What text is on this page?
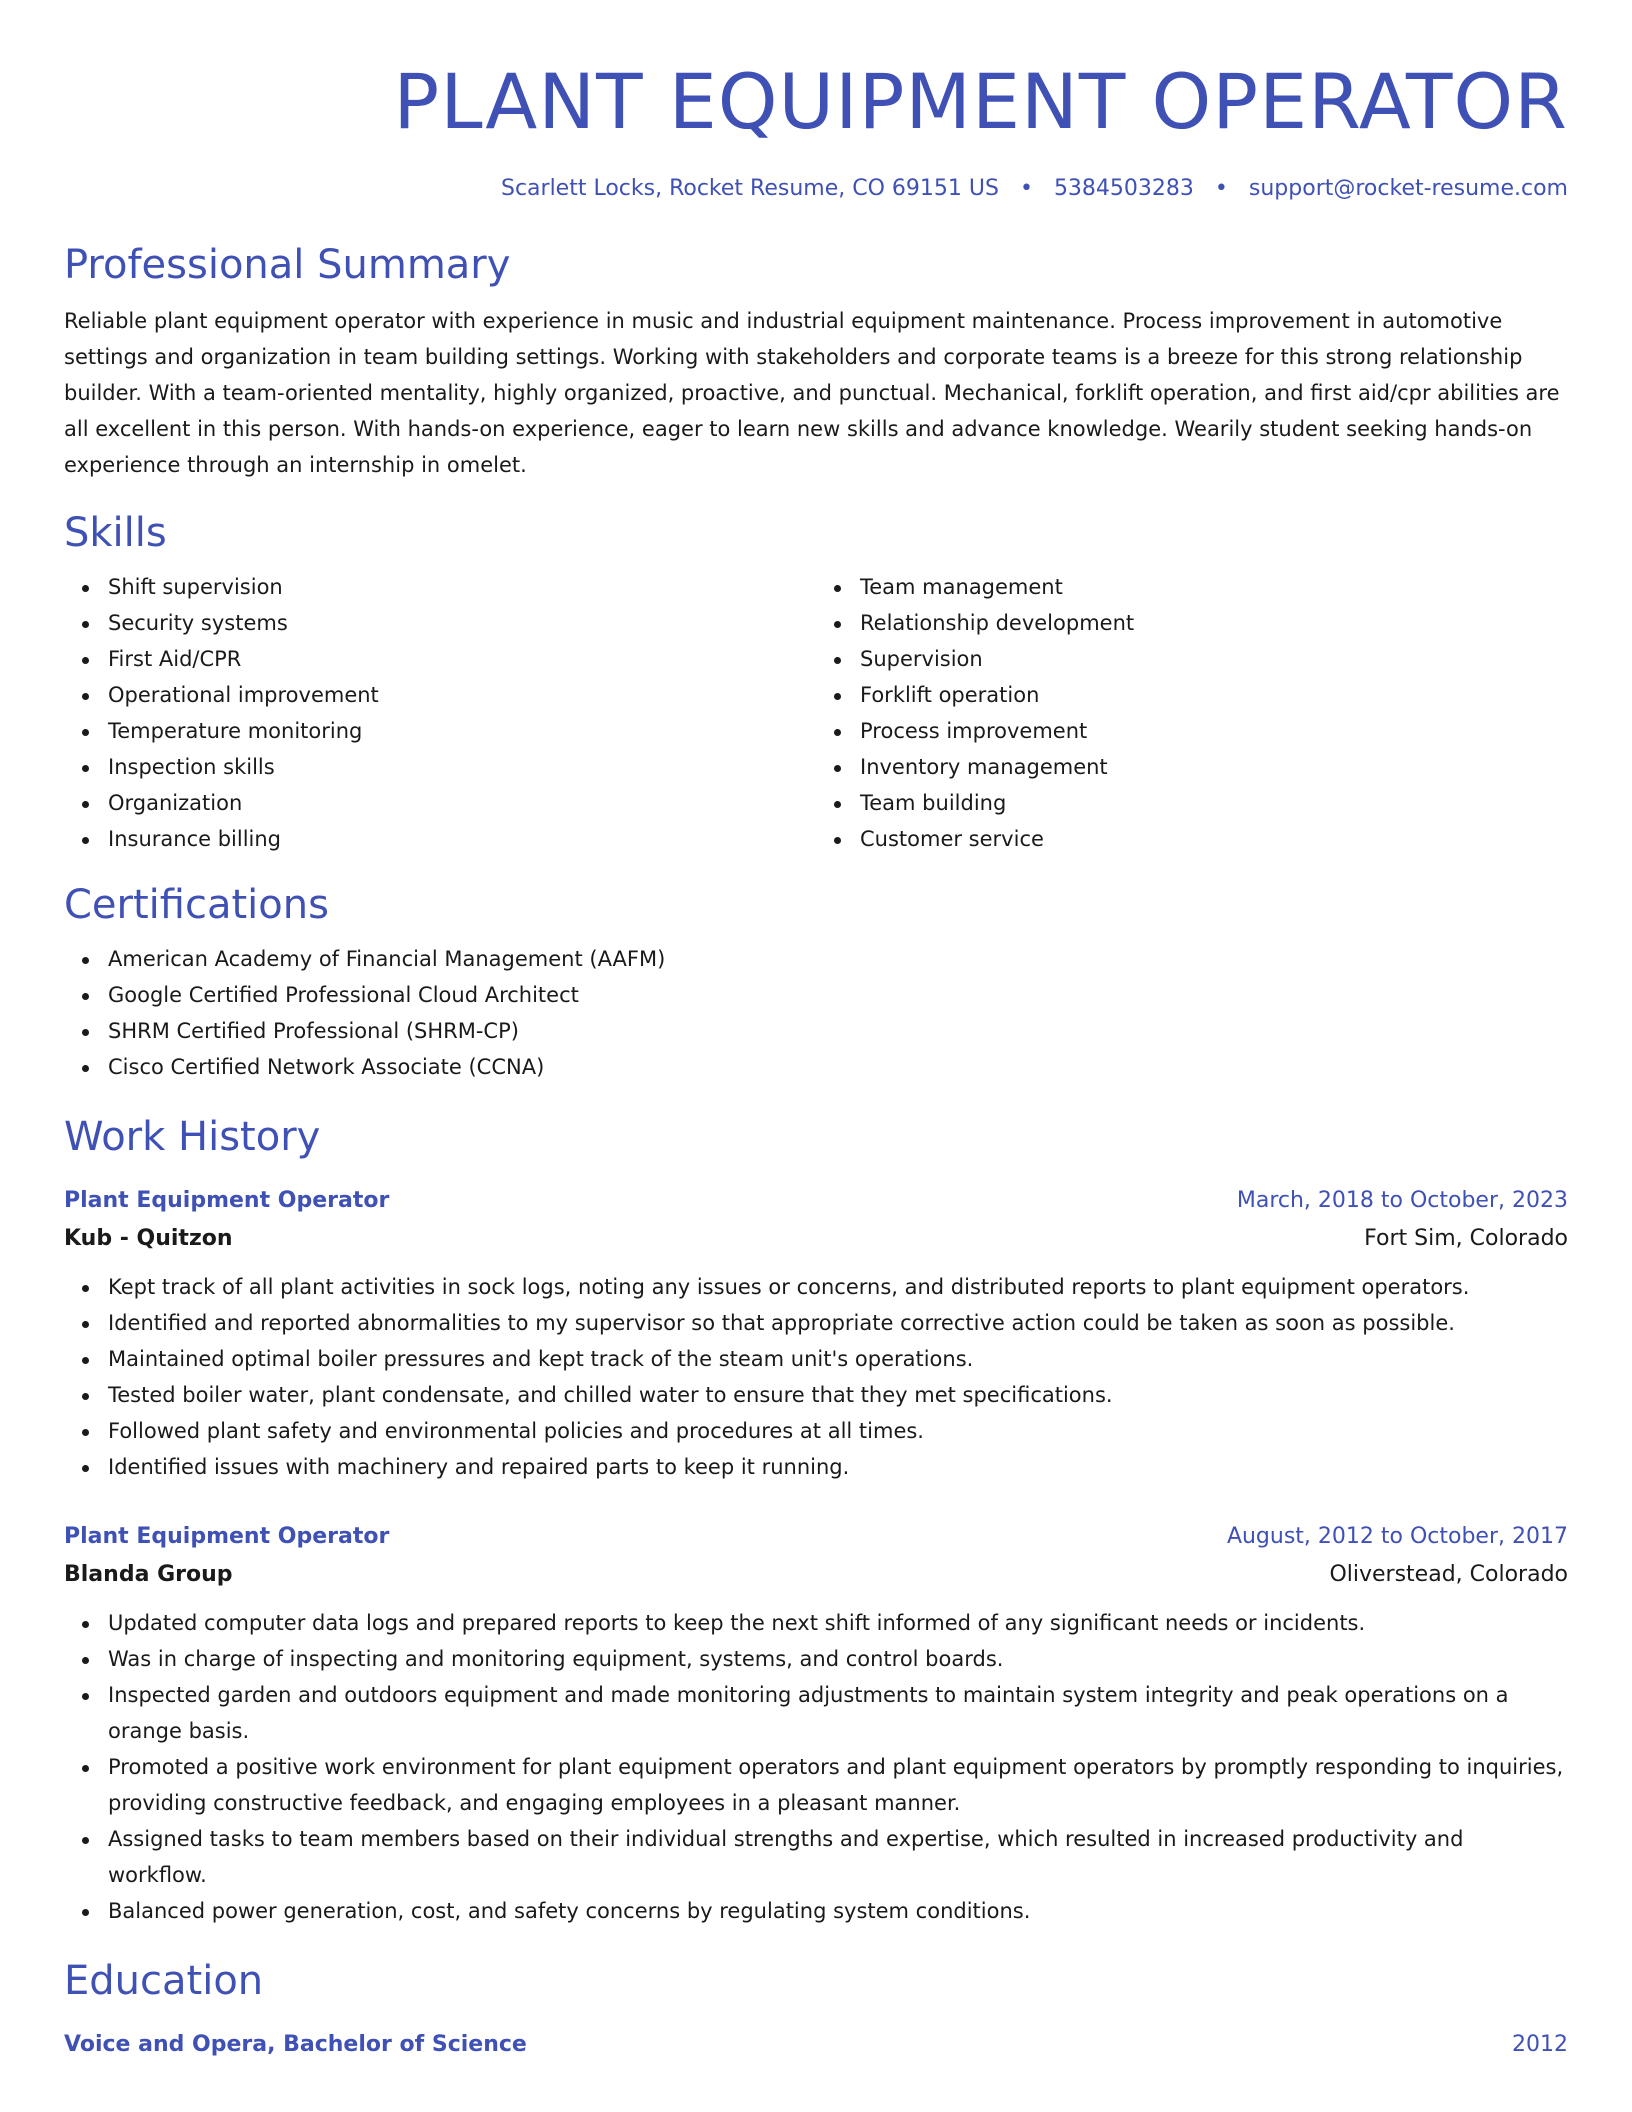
PLANT EQUIPMENT OPERATOR
Scarlett Locks, Rocket Resume, CO 69151 US • 5384503283 • support@rocket-resume.com
Professional Summary
Reliable plant equipment operator with experience in music and industrial equipment maintenance. Process improvement in automotive settings and organization in team building settings. Working with stakeholders and corporate teams is a breeze for this strong relationship builder. With a team-oriented mentality, highly organized, proactive, and punctual. Mechanical, forklift operation, and first aid/cpr abilities are all excellent in this person. With hands-on experience, eager to learn new skills and advance knowledge. Wearily student seeking hands-on experience through an internship in omelet.
Skills
Shift supervision
Security systems
First Aid/CPR
Operational improvement
Temperature monitoring
Inspection skills
Organization
Insurance billing
Team management
Relationship development
Supervision
Forklift operation
Process improvement
Inventory management
Team building
Customer service
Certifications
American Academy of Financial Management (AAFM)
Google Certified Professional Cloud Architect
SHRM Certified Professional (SHRM-CP)
Cisco Certified Network Associate (CCNA)
Work History
Plant Equipment Operator	March, 2018 to October, 2023
Kub - Quitzon	Fort Sim, Colorado
Kept track of all plant activities in sock logs, noting any issues or concerns, and distributed reports to plant equipment operators.
Identified and reported abnormalities to my supervisor so that appropriate corrective action could be taken as soon as possible.
Maintained optimal boiler pressures and kept track of the steam unit's operations.
Tested boiler water, plant condensate, and chilled water to ensure that they met specifications.
Followed plant safety and environmental policies and procedures at all times.
Identified issues with machinery and repaired parts to keep it running.
Plant Equipment Operator	August, 2012 to October, 2017
Blanda Group	Oliverstead, Colorado
Updated computer data logs and prepared reports to keep the next shift informed of any significant needs or incidents.
Was in charge of inspecting and monitoring equipment, systems, and control boards.
Inspected garden and outdoors equipment and made monitoring adjustments to maintain system integrity and peak operations on a orange basis.
Promoted a positive work environment for plant equipment operators and plant equipment operators by promptly responding to inquiries, providing constructive feedback, and engaging employees in a pleasant manner.
Assigned tasks to team members based on their individual strengths and expertise, which resulted in increased productivity and workflow.
Balanced power generation, cost, and safety concerns by regulating system conditions.
Education
Voice and Opera, Bachelor of Science	2012
